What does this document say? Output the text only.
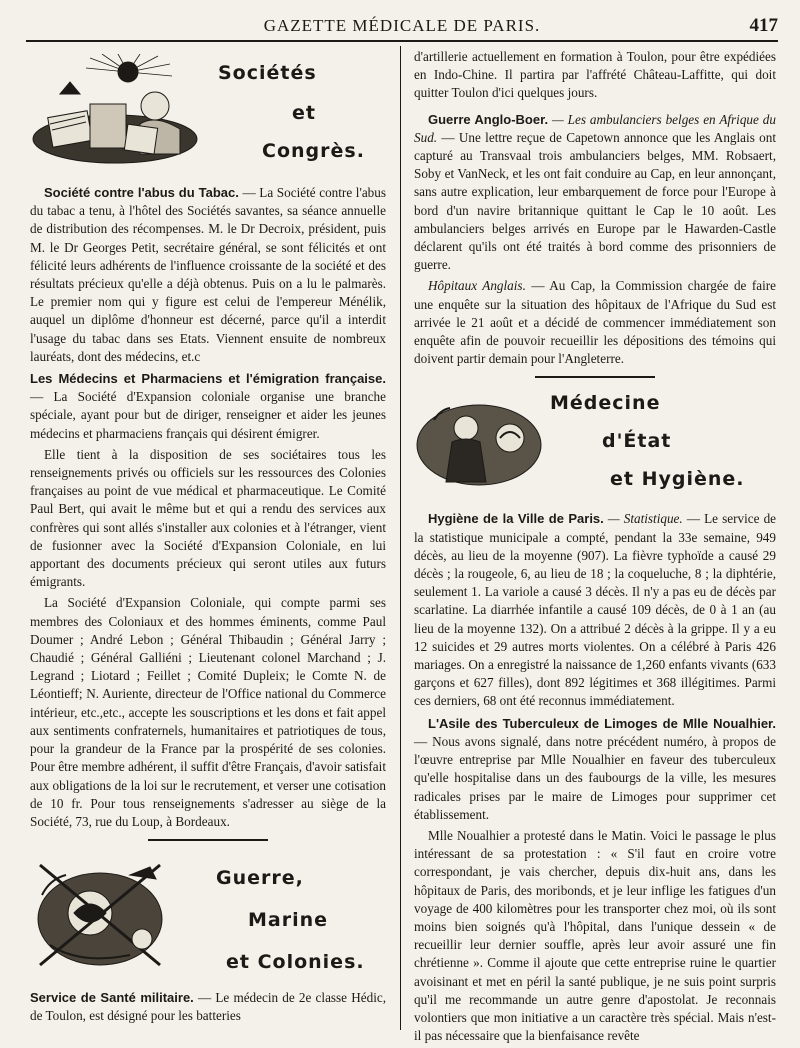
GAZETTE MÉDICALE DE PARIS.	417
Sociétés
et
Congrès.

Société contre l'abus du Tabac. — La Société contre l'abus du tabac a tenu, à l'hôtel des Sociétés savantes, sa séance annuelle de distribution des récompenses. M. le Dr Decroix, président, puis M. le Dr Georges Petit, secrétaire général, se sont félicités et ont félicité leurs adhérents de l'influence croissante de la société et des résultats précieux qu'elle a déjà obtenus. Puis on a lu le palmarès. Le premier nom qui y figure est celui de l'empereur Ménélik, auquel un diplôme d'honneur est décerné, parce qu'il a interdit l'usage du tabac dans ses Etats. Viennent ensuite de nombreux lauréats, dont des médecins, et.c

Les Médecins et Pharmaciens et l'émigration française. — La Société d'Expansion coloniale organise une branche spéciale, ayant pour but de diriger, renseigner et aider les jeunes médecins et pharmaciens français qui désirent émigrer.

Elle tient à la disposition de ses sociétaires tous les renseignements privés ou officiels sur les ressources des Colonies françaises au point de vue médical et pharmaceutique. Le Comité Paul Bert, qui avait le même but et qui a rendu des services aux confrères qui sont allés s'installer aux colonies et à l'étranger, vient de fusionner avec la Société d'Expansion Coloniale, en lui apportant des documents précieux qui seront utiles aux futurs émigrants.

La Société d'Expansion Coloniale, qui compte parmi ses membres des Coloniaux et des hommes éminents, comme Paul Doumer ; André Lebon ; Général Thibaudin ; Général Jarry ; Chaudié ; Général Galliéni ; Lieutenant colonel Marchand ; J. Legrand ; Liotard ; Feillet ; Comité Dupleix; le Comte N. de Léontieff; N. Auriente, directeur de l'Office national du Commerce intérieur, etc.,etc., accepte les souscriptions et les dons et fait appel aux sentiments confraternels, humanitaires et patriotiques de tous, pour la grandeur de la France par la prospérité de ses colonies. Pour être membre adhérent, il suffit d'être Français, d'avoir satisfait aux obligations de la loi sur le recrutement, et verser une cotisation de 10 fr. Pour tous renseignements s'adresser au siège de la Société, 73, rue du Loup, à Bordeaux.

Guerre,
Marine
et Colonies.

Service de Santé militaire. — Le médecin de 2e classe Hédic, de Toulon, est désigné pour les batteries

d'artillerie actuellement en formation à Toulon, pour être expédiées en Indo-Chine. Il partira par l'affrété Château-Laffitte, qui doit quitter Toulon d'ici quelques jours.

Guerre Anglo-Boer. — Les ambulanciers belges en Afrique du Sud. — Une lettre reçue de Capetown annonce que les Anglais ont capturé au Transvaal trois ambulanciers belges, MM. Robsaert, Soby et VanNeck, et les ont fait conduire au Cap, en leur annonçant, sans autre explication, leur embarquement de force pour l'Europe à bord d'un navire britannique quittant le Cap le 10 août. Les ambulanciers belges arrivés en Europe par le Hawarden-Castle déclarent qu'ils ont été traités à bord comme des prisonniers de guerre.

Hôpitaux Anglais. — Au Cap, la Commission chargée de faire une enquête sur la situation des hôpitaux de l'Afrique du Sud est arrivée le 21 août et a décidé de commencer immédiatement son enquête afin de pouvoir recueillir les dépositions des témoins qui doivent partir demain pour l'Angleterre.

Médecine
d'État
et Hygiène.

Hygiène de la Ville de Paris. — Statistique. — Le service de la statistique municipale a compté, pendant la 33e semaine, 949 décès, au lieu de la moyenne (907). La fièvre typhoïde a causé 29 décès ; la rougeole, 6, au lieu de 18 ; la coqueluche, 8 ; la diphtérie, seulement 1. La variole a causé 3 décès. Il n'y a pas eu de décès par scarlatine. La diarrhée infantile a causé 109 décès, de 0 à 1 an (au lieu de la moyenne 132). On a attribué 2 décès à la grippe. Il y a eu 12 suicides et 29 autres morts violentes. On a célébré à Paris 426 mariages. On a enregistré la naissance de 1,260 enfants vivants (633 garçons et 627 filles), dont 892 légitimes et 368 illégitimes. Parmi ces derniers, 68 ont été reconnus immédiatement.

L'Asile des Tuberculeux de Limoges de Mlle Noualhier. — Nous avons signalé, dans notre précédent numéro, à propos de l'œuvre entreprise par Mlle Noualhier en faveur des tuberculeux qu'elle hospitalise dans un des faubourgs de la ville, les mesures radicales prises par le maire de Limoges pour supprimer cet établissement.

Mlle Noualhier a protesté dans le Matin. Voici le passage le plus intéressant de sa protestation : « S'il faut en croire votre correspondant, je vais chercher, depuis dix-huit ans, dans les hôpitaux de Paris, des moribonds, et je leur inflige les fatigues d'un voyage de 400 kilomètres pour les transporter chez moi, où ils sont moins bien soignés qu'à l'hôpital, dans l'unique dessein « de recueillir leur dernier souffle, après leur avoir assuré une fin chrétienne ». Comme il ajoute que cette entreprise ruine le quartier avoisinant et met en péril la santé publique, je ne suis point surpris qu'il me recommande un autre genre d'apostolat. Je reconnais volontiers que mon initiative a un caractère très spécial. Mais n'est-il pas nécessaire que la bienfaisance revête
